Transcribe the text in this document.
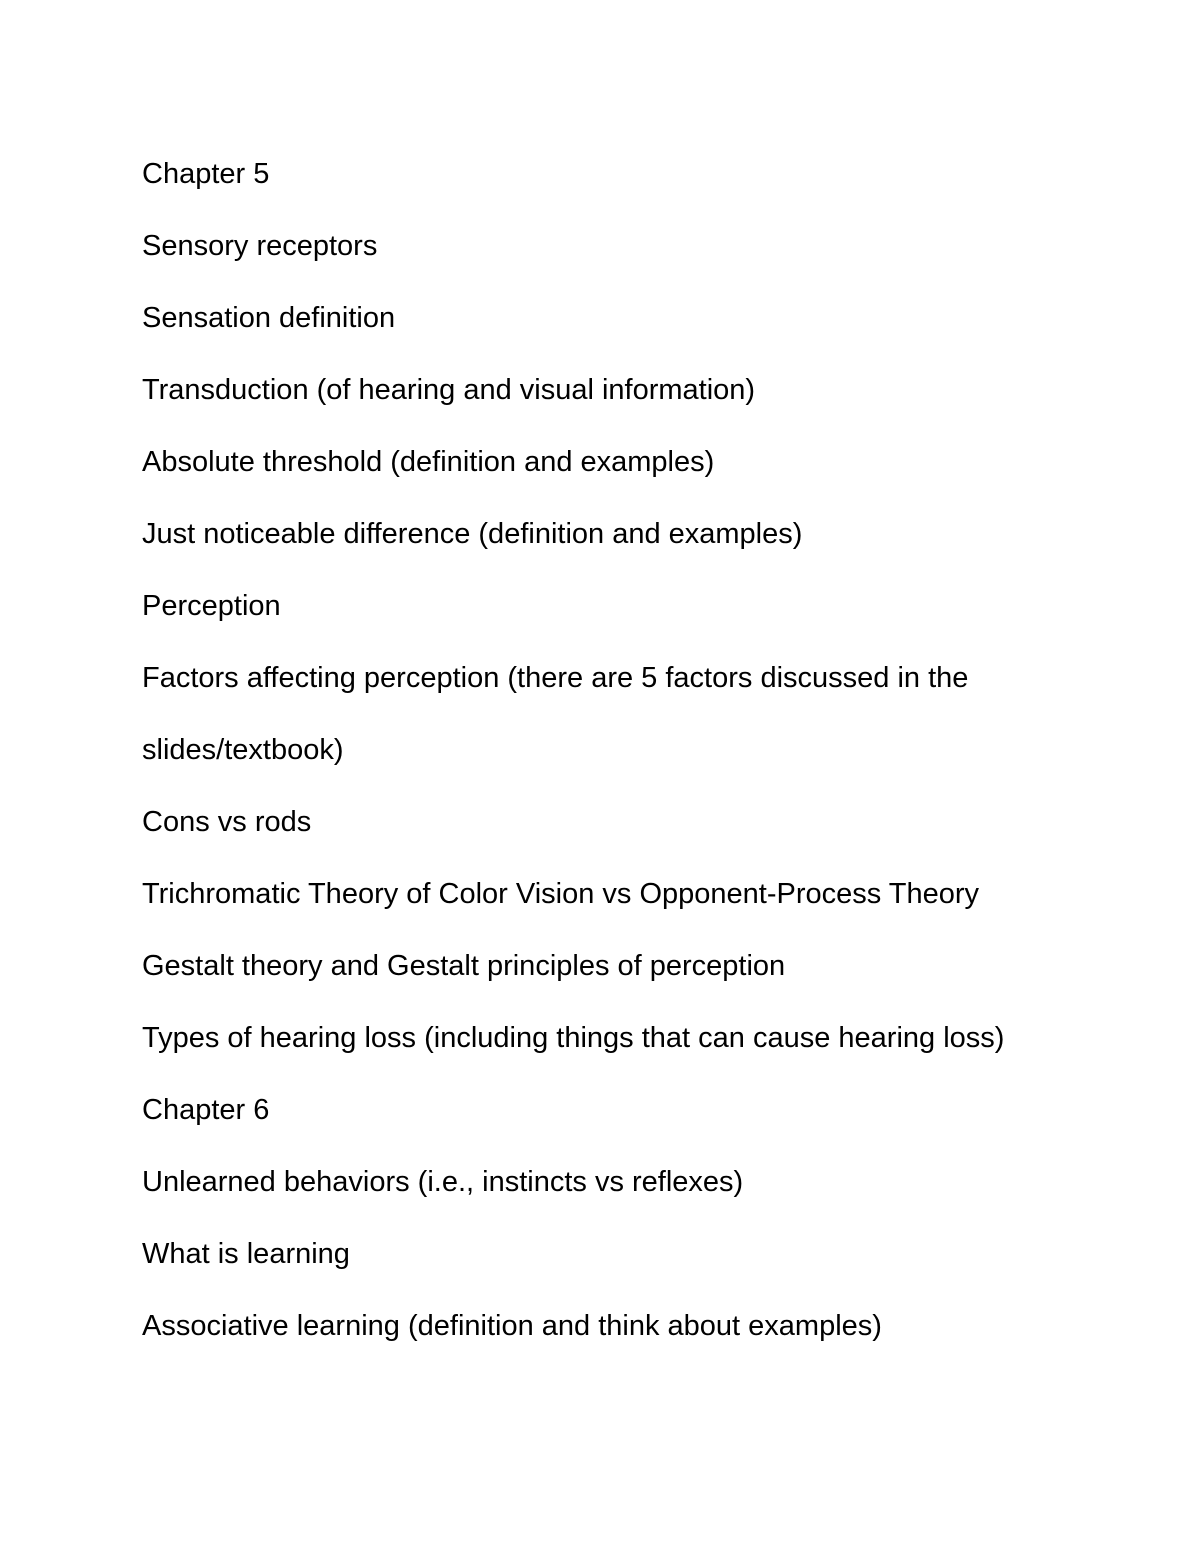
Chapter 5

Sensory receptors

Sensation definition

Transduction (of hearing and visual information)

Absolute threshold (definition and examples)

Just noticeable difference (definition and examples)

Perception

Factors affecting perception (there are 5 factors discussed in the slides/textbook)

Cons vs rods

Trichromatic Theory of Color Vision vs Opponent-Process Theory

Gestalt theory and Gestalt principles of perception

Types of hearing loss (including things that can cause hearing loss)

Chapter 6

Unlearned behaviors (i.e., instincts vs reflexes)

What is learning

Associative learning (definition and think about examples)
